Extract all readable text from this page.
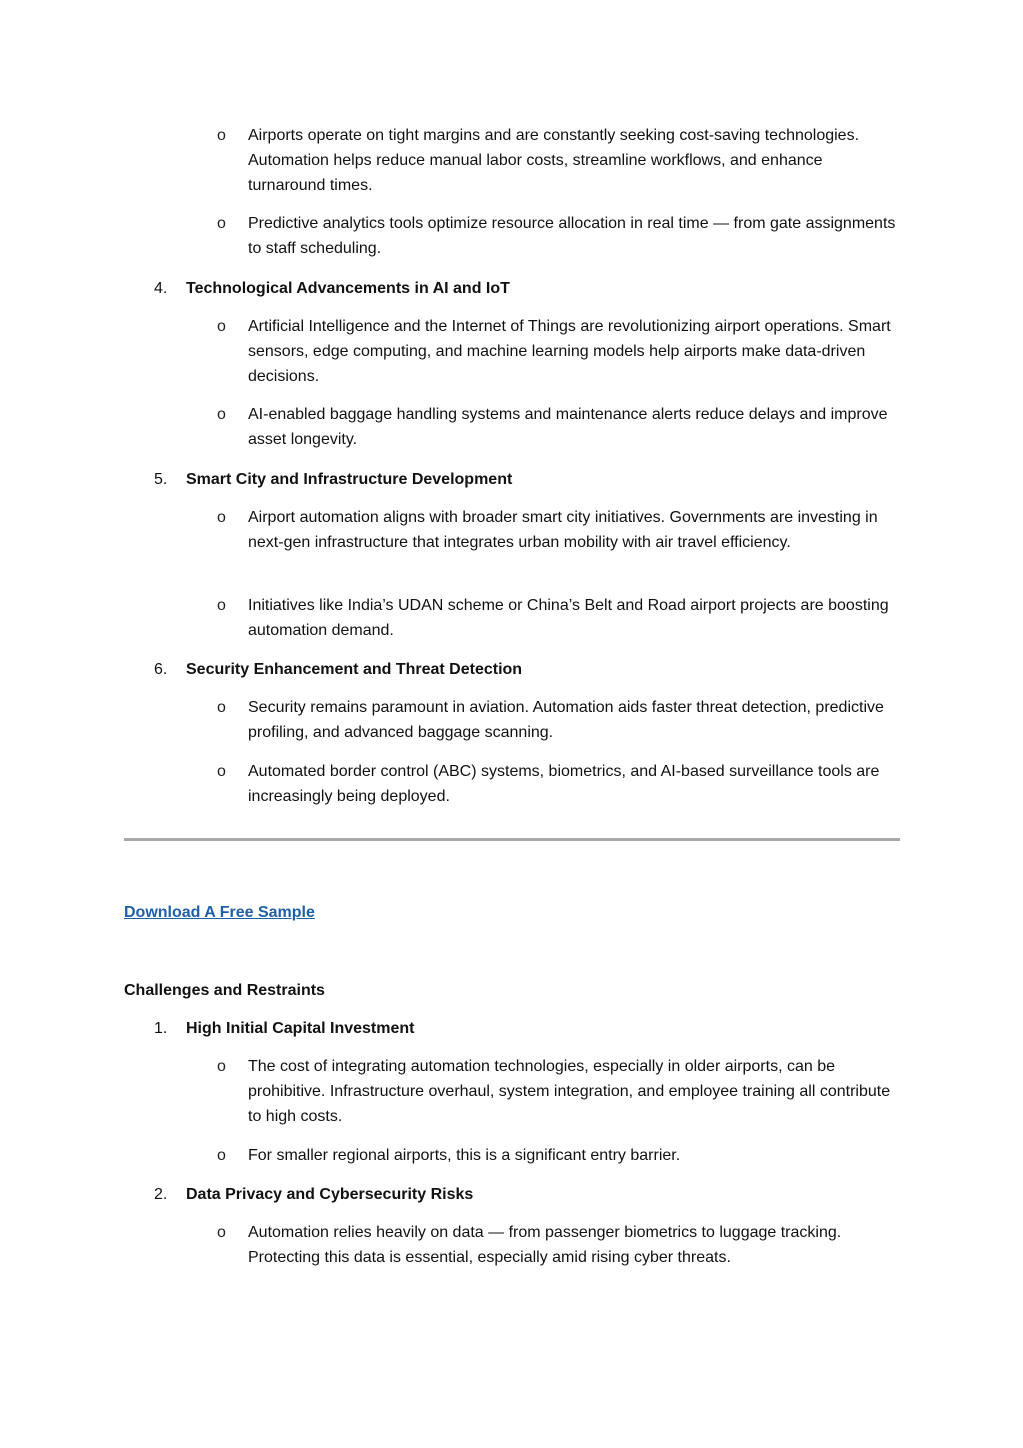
o Airports operate on tight margins and are constantly seeking cost-saving technologies. Automation helps reduce manual labor costs, streamline workflows, and enhance turnaround times.
o Predictive analytics tools optimize resource allocation in real time — from gate assignments to staff scheduling.
4. Technological Advancements in AI and IoT
o Artificial Intelligence and the Internet of Things are revolutionizing airport operations. Smart sensors, edge computing, and machine learning models help airports make data-driven decisions.
o AI-enabled baggage handling systems and maintenance alerts reduce delays and improve asset longevity.
5. Smart City and Infrastructure Development
o Airport automation aligns with broader smart city initiatives. Governments are investing in next-gen infrastructure that integrates urban mobility with air travel efficiency.
o Initiatives like India’s UDAN scheme or China’s Belt and Road airport projects are boosting automation demand.
6. Security Enhancement and Threat Detection
o Security remains paramount in aviation. Automation aids faster threat detection, predictive profiling, and advanced baggage scanning.
o Automated border control (ABC) systems, biometrics, and AI-based surveillance tools are increasingly being deployed.
Download A Free Sample
Challenges and Restraints
1. High Initial Capital Investment
o The cost of integrating automation technologies, especially in older airports, can be prohibitive. Infrastructure overhaul, system integration, and employee training all contribute to high costs.
o For smaller regional airports, this is a significant entry barrier.
2. Data Privacy and Cybersecurity Risks
o Automation relies heavily on data — from passenger biometrics to luggage tracking. Protecting this data is essential, especially amid rising cyber threats.
